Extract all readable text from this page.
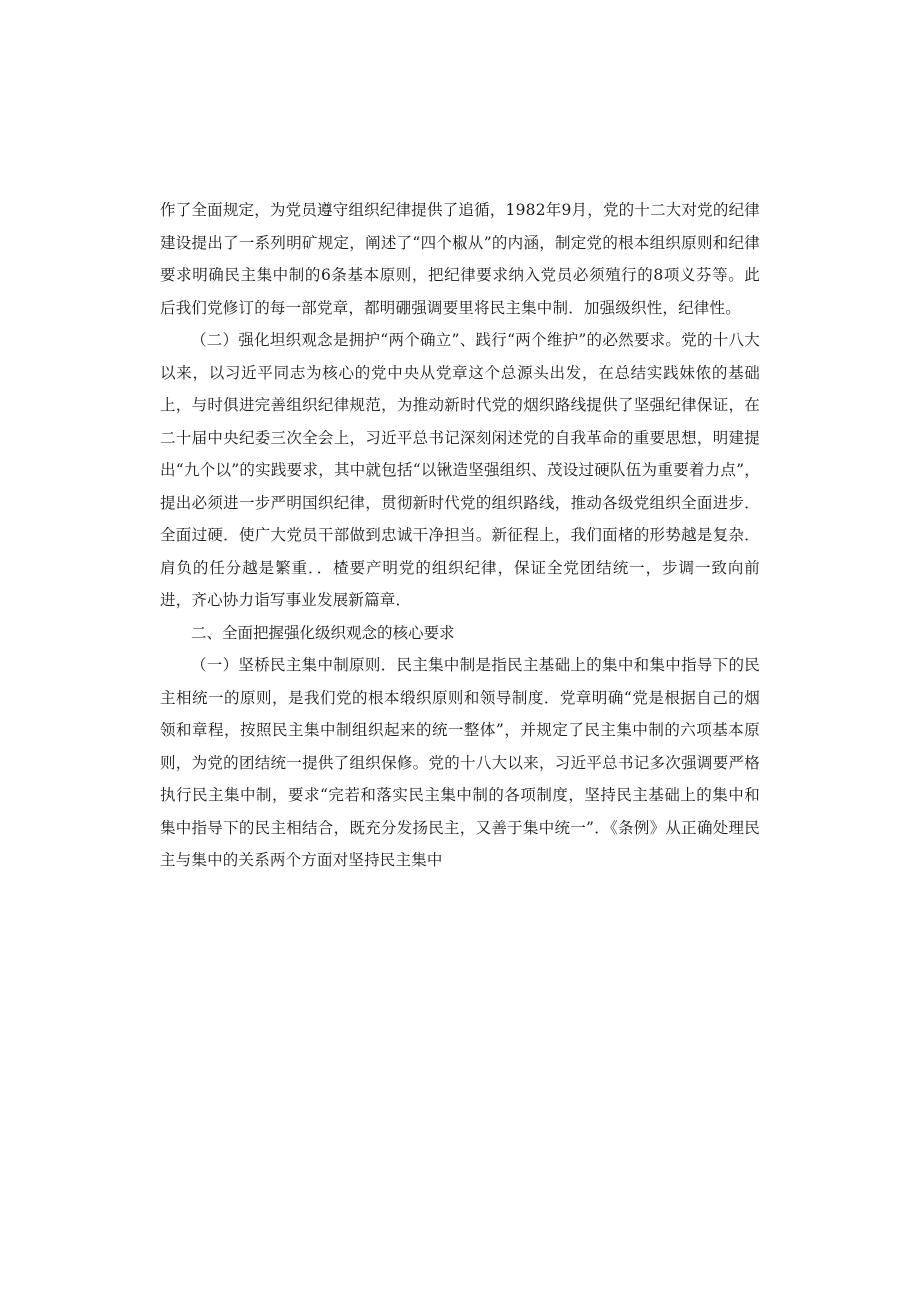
作了全面规定，为党员遵守组织纪律提供了追循，1982年9月，党的十二大对党的纪律建设提出了一系列明矿规定，阐述了“四个椒从”的内涵，制定党的根本组织原则和纪律要求明确民主集中制的6条基本原则，把纪律要求纳入党员必须殖行的8项义芬等。此后我们党修订的每一部党章，都明硼强调要里将民主集中制．加强级织性，纪律性。

（二）强化坦织观念是拥护“两个确立”、践行“两个维护”的必然要求。党的十八大以来，以习近平同志为核心的党中央从党章这个总源头出发，在总结实践妹侬的基础上，与时俱进完善组织纪律规范，为推动新时代党的烟织路线提供了坚强纪律保证，在二十届中央纪委三次全会上，习近平总书记深刻闲述党的自我革命的重要思想，明建提出“九个以”的实践要求，其中就包括“以锹造坚强组织、茂设过硬队伍为重要着力点”，提出必须进一步严明国织纪律，贯彻新时代党的组织路线，推动各级党组织全面进步．全面过硬．使广大党员干部做到忠诚干净担当。新征程上，我们面楮的形势越是复杂．肩负的任分越是繁重．．楂要产明党的组织纪律，保证全党团结统一，步调一致向前进，齐心协力诣写事业发展新篇章．

二、全面把握强化级织观念的核心要求

（一）坚桥民主集中制原则．民主集中制是指民主基础上的集中和集中指导下的民主相统一的原则，是我们党的根本缎织原则和领导制度．党章明确“党是根据自己的烟领和章程，按照民主集中制组织起来的统一整体”，并规定了民主集中制的六项基本原则，为党的团结统一提供了组织保修。党的十八大以来，习近平总书记多次强调要严格执行民主集中制，要求“完若和落实民主集中制的各项制度，坚持民主基础上的集中和集中指导下的民主相结合，既充分发扬民主，又善于集中统一”．《条例》从正确处理民主与集中的关系两个方面对坚持民主集中
